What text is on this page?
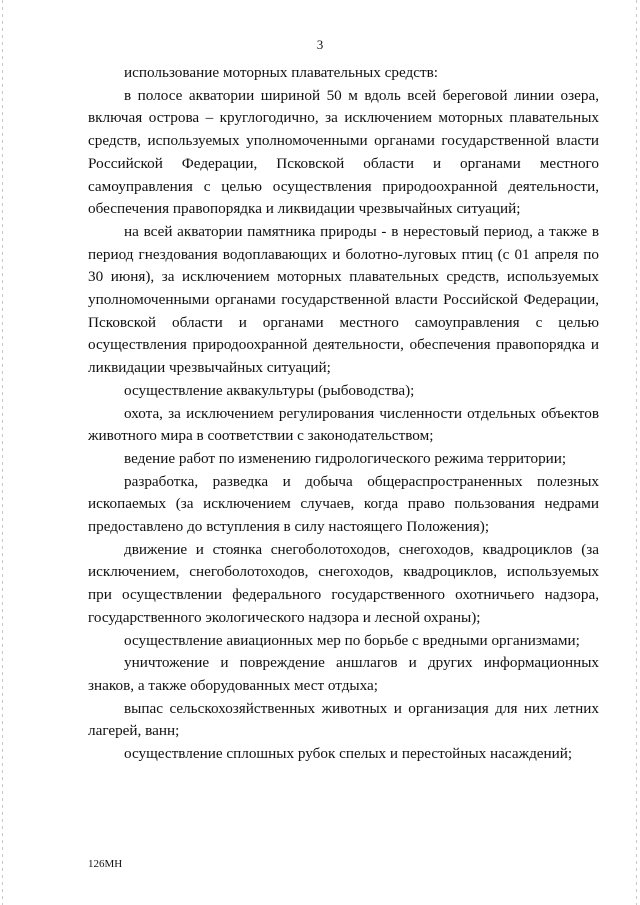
3

использование моторных плавательных средств:

в полосе акватории шириной 50 м вдоль всей береговой линии озера, включая острова – круглогодично, за исключением моторных плавательных средств, используемых уполномоченными органами государственной власти Российской Федерации, Псковской области и органами местного самоуправления с целью осуществления природоохранной деятельности, обеспечения правопорядка и ликвидации чрезвычайных ситуаций;

на всей акватории памятника природы - в нерестовый период, а также в период гнездования водоплавающих и болотно-луговых птиц (с 01 апреля по 30 июня), за исключением моторных плавательных средств, используемых уполномоченными органами государственной власти Российской Федерации, Псковской области и органами местного самоуправления с целью осуществления природоохранной деятельности, обеспечения правопорядка и ликвидации чрезвычайных ситуаций;

осуществление аквакультуры (рыбоводства);

охота, за исключением регулирования численности отдельных объектов животного мира в соответствии с законодательством;

ведение работ по изменению гидрологического режима территории;

разработка, разведка и добыча общераспространенных полезных ископаемых (за исключением случаев, когда право пользования недрами предоставлено до вступления в силу настоящего Положения);

движение и стоянка снегоболотоходов, снегоходов, квадроциклов (за исключением, снегоболотоходов, снегоходов, квадроциклов, используемых при осуществлении федерального государственного охотничьего надзора, государственного экологического надзора и лесной охраны);

осуществление авиационных мер по борьбе с вредными организмами;

уничтожение и повреждение аншлагов и других информационных знаков, а также оборудованных мест отдыха;

выпас сельскохозяйственных животных и организация для них летних лагерей, ванн;

осуществление сплошных рубок спелых и перестойных насаждений;

126МН
